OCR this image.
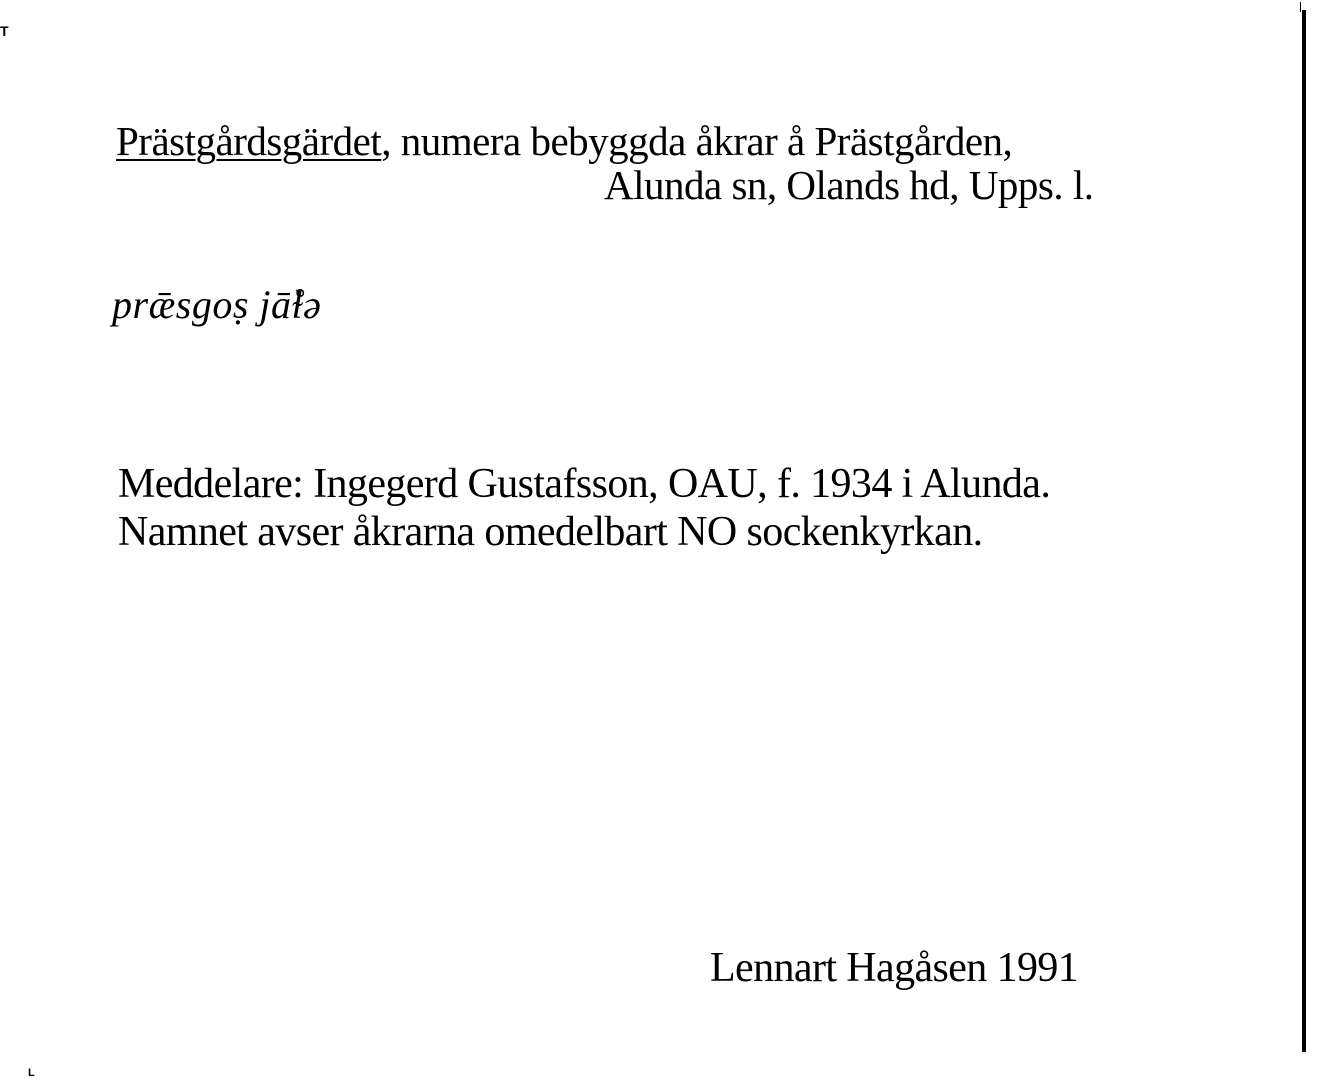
T
L
Prästgårdsgärdet, numera bebyggda åkrar å Prästgården,
Alunda sn, Olands hd, Upps. l.
prǣsgoṣ jā̊ɫə
Meddelare: Ingegerd Gustafsson, OAU, f. 1934 i Alunda.
Namnet avser åkrarna omedelbart NO sockenkyrkan.
Lennart Hagåsen 1991
